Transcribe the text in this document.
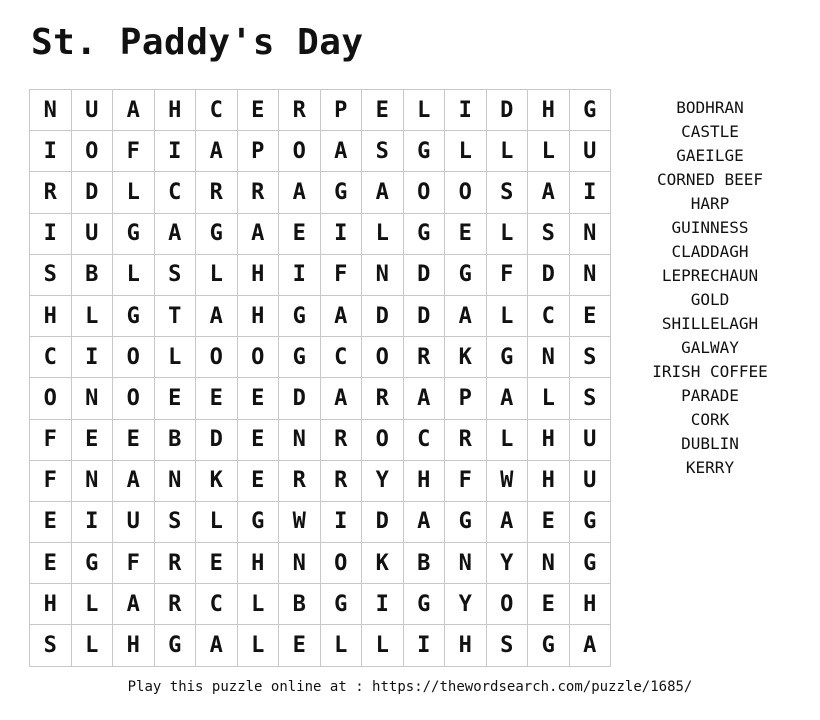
St. Paddy's Day
N	U	A	H	C	E	R	P	E	L	I	D	H	G
I	O	F	I	A	P	O	A	S	G	L	L	L	U
R	D	L	C	R	R	A	G	A	O	O	S	A	I
I	U	G	A	G	A	E	I	L	G	E	L	S	N
S	B	L	S	L	H	I	F	N	D	G	F	D	N
H	L	G	T	A	H	G	A	D	D	A	L	C	E
C	I	O	L	O	O	G	C	O	R	K	G	N	S
O	N	O	E	E	E	D	A	R	A	P	A	L	S
F	E	E	B	D	E	N	R	O	C	R	L	H	U
F	N	A	N	K	E	R	R	Y	H	F	W	H	U
E	I	U	S	L	G	W	I	D	A	G	A	E	G
E	G	F	R	E	H	N	O	K	B	N	Y	N	G
H	L	A	R	C	L	B	G	I	G	Y	O	E	H
S	L	H	G	A	L	E	L	L	I	H	S	G	A
BODHRAN
CASTLE
GAEILGE
CORNED BEEF
HARP
GUINNESS
CLADDAGH
LEPRECHAUN
GOLD
SHILLELAGH
GALWAY
IRISH COFFEE
PARADE
CORK
DUBLIN
KERRY
Play this puzzle online at : https://thewordsearch.com/puzzle/1685/
